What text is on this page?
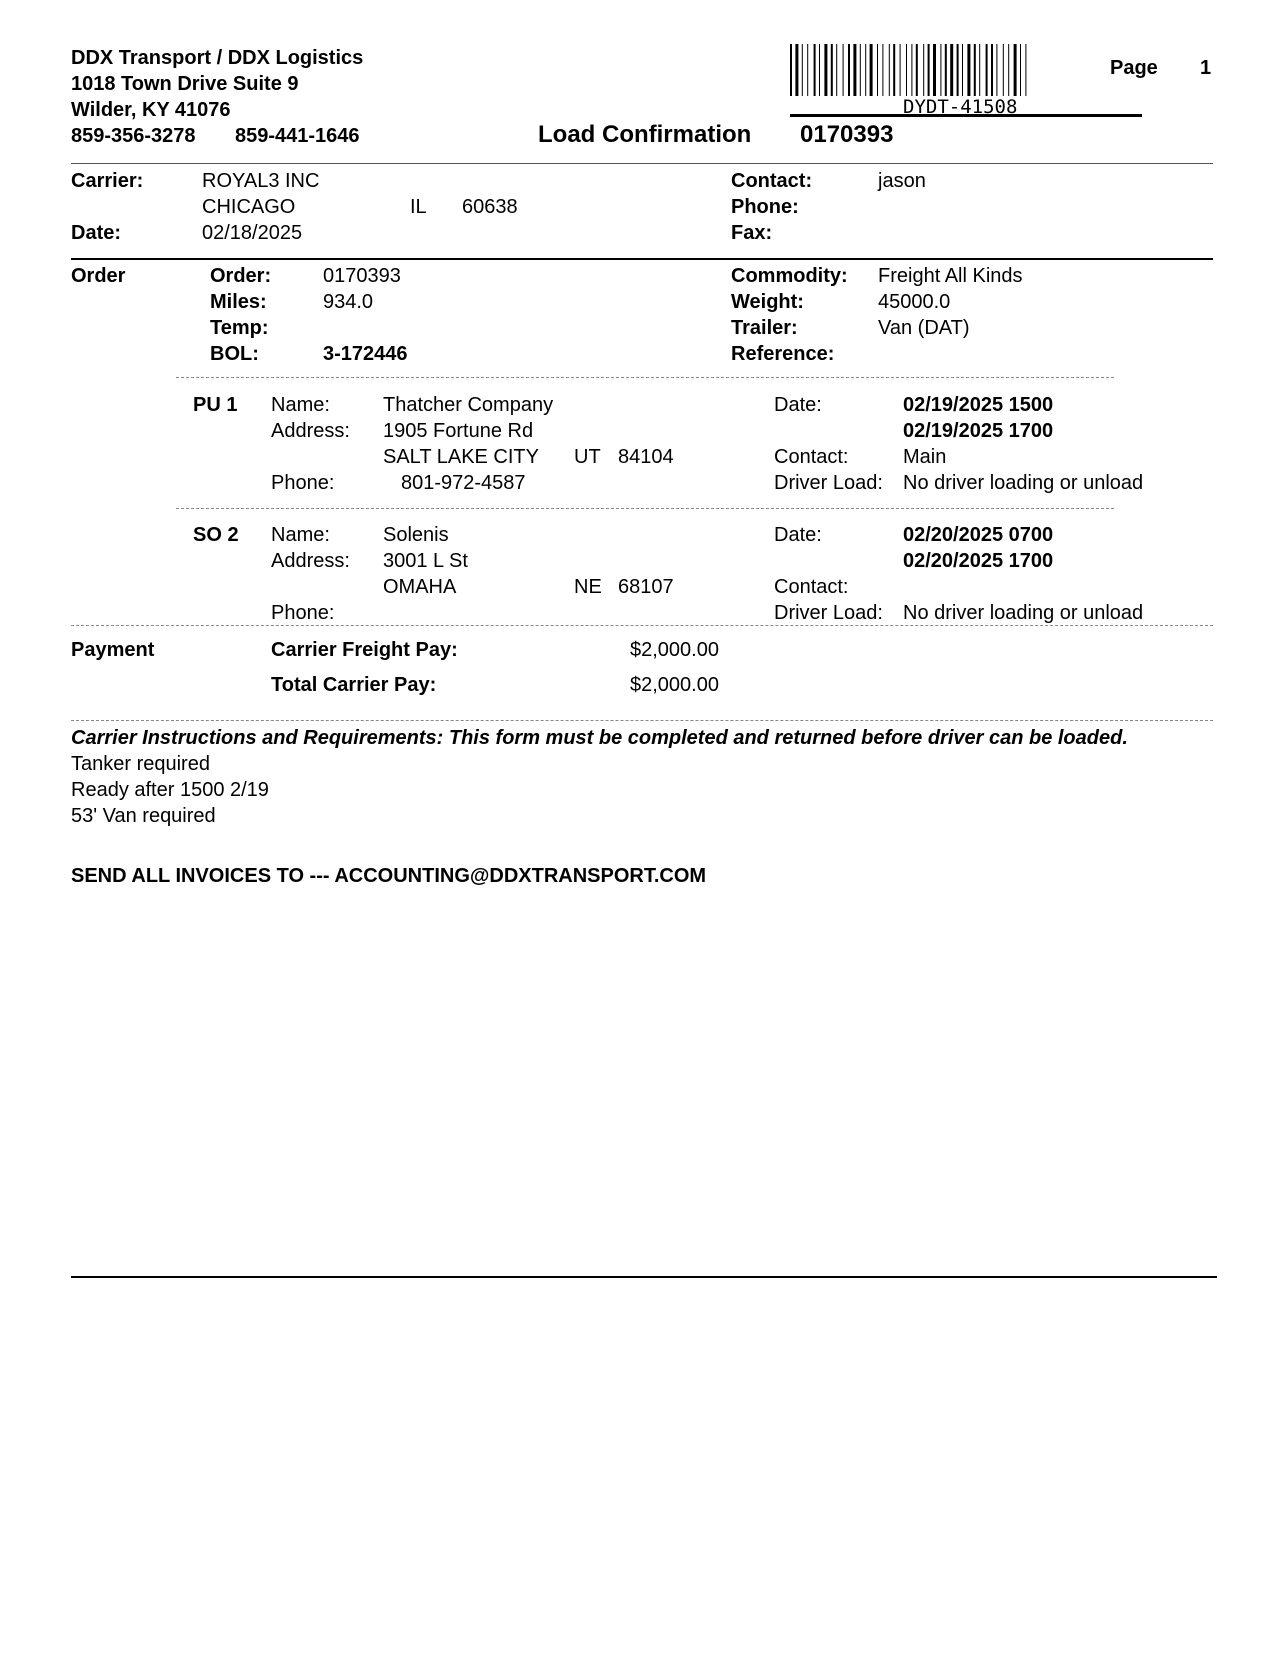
DDX Transport / DDX Logistics
1018 Town Drive Suite 9
Wilder, KY 41076
859-356-3278 859-441-1646
DYDT-41508
Page 1
Load Confirmation 0170393
Carrier:	ROYAL3 INC
CHICAGO	IL 60638
Date:	02/18/2025
Contact:	jason
Phone:
Fax:
Order	Order:	0170393
Miles:	934.0
Temp:
BOL:	3-172446
Commodity: Freight All Kinds
Weight:	45000.0
Trailer:	Van (DAT)
Reference:
PU 1 Name:	Thatcher Company
Address: 1905 Fortune Rd
SALT LAKE CITY UT 84104
Phone:	801-972-4587
Date:	02/19/2025 1500
02/19/2025 1700
Contact:	Main
Driver Load: No driver loading or unload
SO 2 Name:	Solenis
Address: 3001 L St
OMAHA	NE 68107
Phone:
Date:	02/20/2025 0700
02/20/2025 1700
Contact:
Driver Load: No driver loading or unload
Payment	Carrier Freight Pay:	$2,000.00
Total Carrier Pay:	$2,000.00
Carrier Instructions and Requirements: This form must be completed and returned before driver can be loaded.
Tanker required
Ready after 1500 2/19
53' Van required
SEND ALL INVOICES TO --- ACCOUNTING@DDXTRANSPORT.COM
